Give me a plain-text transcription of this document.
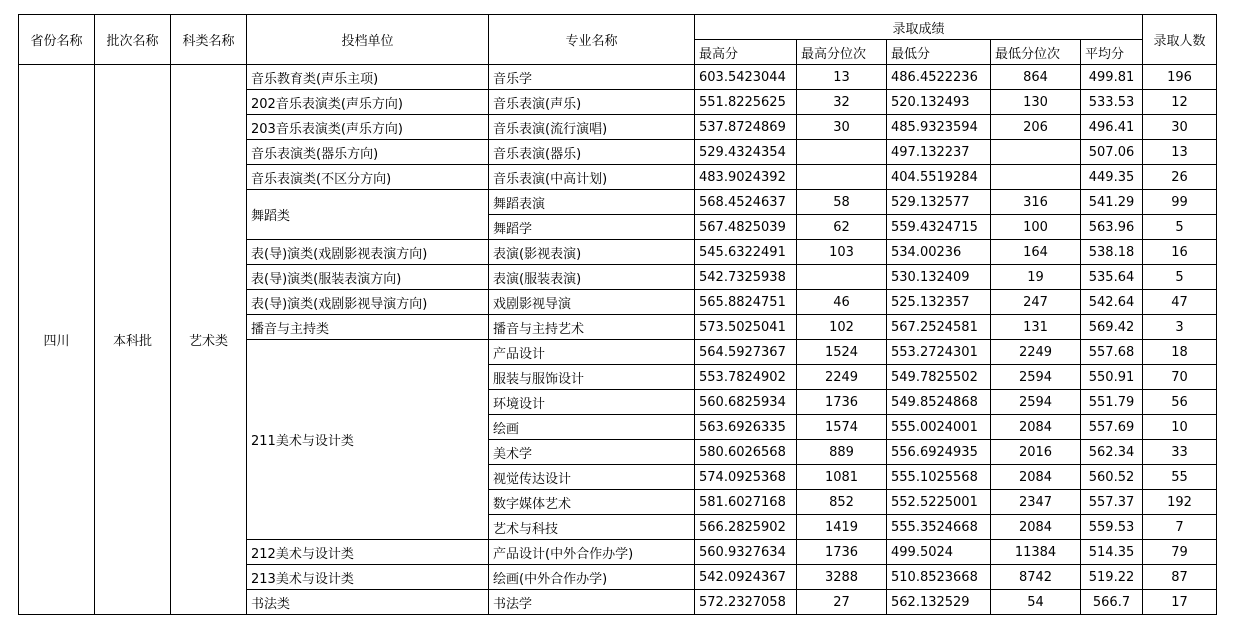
省份名称	批次名称	科类名称	投档单位	专业名称	录取成绩					录取人数
					最高分	最高分位次	最低分	最低分位次	平均分	
四川	本科批	艺术类	音乐教育类(声乐主项)	音乐学	603.5423044	13	486.4522236	864	499.81	196
			202音乐表演类(声乐方向)	音乐表演(声乐)	551.8225625	32	520.132493	130	533.53	12
			203音乐表演类(声乐方向)	音乐表演(流行演唱)	537.8724869	30	485.9323594	206	496.41	30
			音乐表演类(器乐方向)	音乐表演(器乐)	529.4324354		497.132237		507.06	13
			音乐表演类(不区分方向)	音乐表演(中高计划)	483.9024392		404.5519284		449.35	26
			舞蹈类	舞蹈表演	568.4524637	58	529.132577	316	541.29	99
				舞蹈学	567.4825039	62	559.4324715	100	563.96	5
			表(导)演类(戏剧影视表演方向)	表演(影视表演)	545.6322491	103	534.00236	164	538.18	16
			表(导)演类(服装表演方向)	表演(服装表演)	542.7325938		530.132409	19	535.64	5
			表(导)演类(戏剧影视导演方向)	戏剧影视导演	565.8824751	46	525.132357	247	542.64	47
			播音与主持类	播音与主持艺术	573.5025041	102	567.2524581	131	569.42	3
			211美术与设计类	产品设计	564.5927367	1524	553.2724301	2249	557.68	18
				服装与服饰设计	553.7824902	2249	549.7825502	2594	550.91	70
				环境设计	560.6825934	1736	549.8524868	2594	551.79	56
				绘画	563.6926335	1574	555.0024001	2084	557.69	10
				美术学	580.6026568	889	556.6924935	2016	562.34	33
				视觉传达设计	574.0925368	1081	555.1025568	2084	560.52	55
				数字媒体艺术	581.6027168	852	552.5225001	2347	557.37	192
				艺术与科技	566.2825902	1419	555.3524668	2084	559.53	7
			212美术与设计类	产品设计(中外合作办学)	560.9327634	1736	499.5024	11384	514.35	79
			213美术与设计类	绘画(中外合作办学)	542.0924367	3288	510.8523668	8742	519.22	87
			书法类	书法学	572.2327058	27	562.132529	54	566.7	17
